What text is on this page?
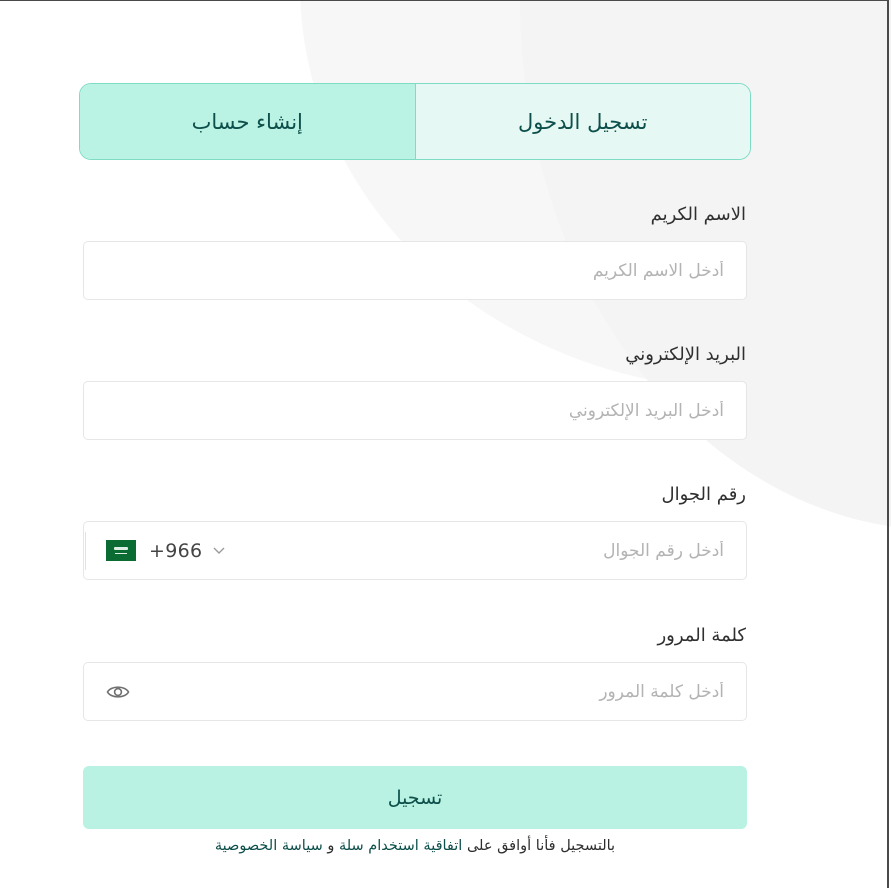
تسجيل الدخول
إنشاء حساب
الاسم الكريم
أدخل الاسم الكريم
البريد الإلكتروني
أدخل البريد الإلكتروني
رقم الجوال
+966
أدخل رقم الجوال
كلمة المرور
تسجيل
بالتسجيل فأنا أوافق على اتفاقية استخدام سلة و سياسة الخصوصية
